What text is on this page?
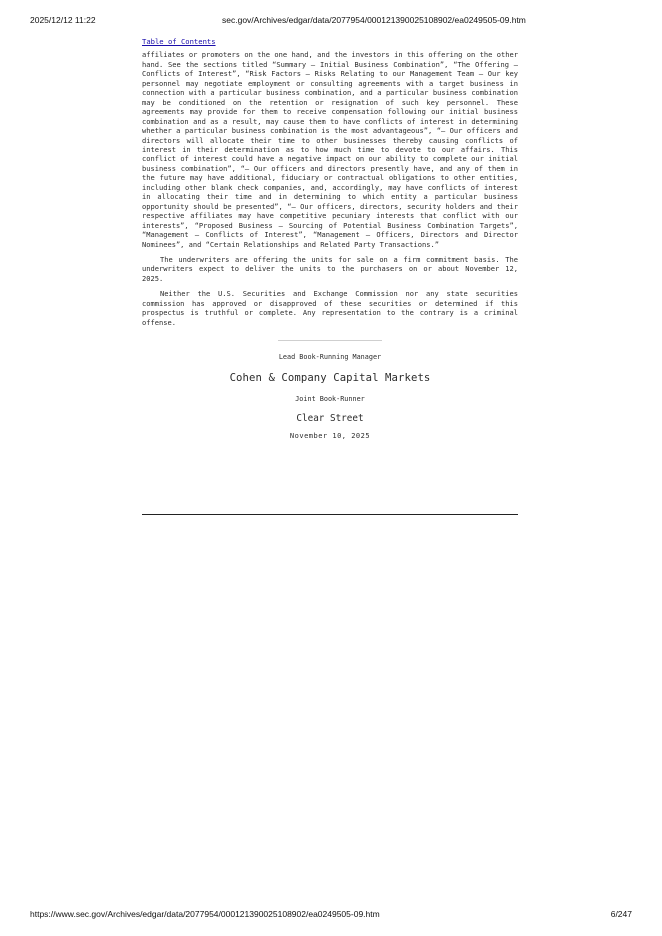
2025/12/12 11:22	sec.gov/Archives/edgar/data/2077954/000121390025108902/ea0249505-09.htm
Table of Contents

affiliates or promoters on the one hand, and the investors in this offering on the other hand. See the sections titled “Summary — Initial Business Combination”, “The Offering — Conflicts of Interest”, “Risk Factors — Risks Relating to our Management Team — Our key personnel may negotiate employment or consulting agreements with a target business in connection with a particular business combination, and a particular business combination may be conditioned on the retention or resignation of such key personnel. These agreements may provide for them to receive compensation following our initial business combination and as a result, may cause them to have conflicts of interest in determining whether a particular business combination is the most advantageous”, “— Our officers and directors will allocate their time to other businesses thereby causing conflicts of interest in their determination as to how much time to devote to our affairs. This conflict of interest could have a negative impact on our ability to complete our initial business combination”, “— Our officers and directors presently have, and any of them in the future may have additional, fiduciary or contractual obligations to other entities, including other blank check companies, and, accordingly, may have conflicts of interest in allocating their time and in determining to which entity a particular business opportunity should be presented”, “— Our officers, directors, security holders and their respective affiliates may have competitive pecuniary interests that conflict with our interests”, “Proposed Business — Sourcing of Potential Business Combination Targets”, “Management — Conflicts of Interest”, “Management — Officers, Directors and Director Nominees”, and “Certain Relationships and Related Party Transactions.”

The underwriters are offering the units for sale on a firm commitment basis. The underwriters expect to deliver the units to the purchasers on or about November 12, 2025.

Neither the U.S. Securities and Exchange Commission nor any state securities commission has approved or disapproved of these securities or determined if this prospectus is truthful or complete. Any representation to the contrary is a criminal offense.

Lead Book-Running Manager

Cohen & Company Capital Markets

Joint Book-Runner

Clear Street

November 10, 2025

https://www.sec.gov/Archives/edgar/data/2077954/000121390025108902/ea0249505-09.htm	6/247
